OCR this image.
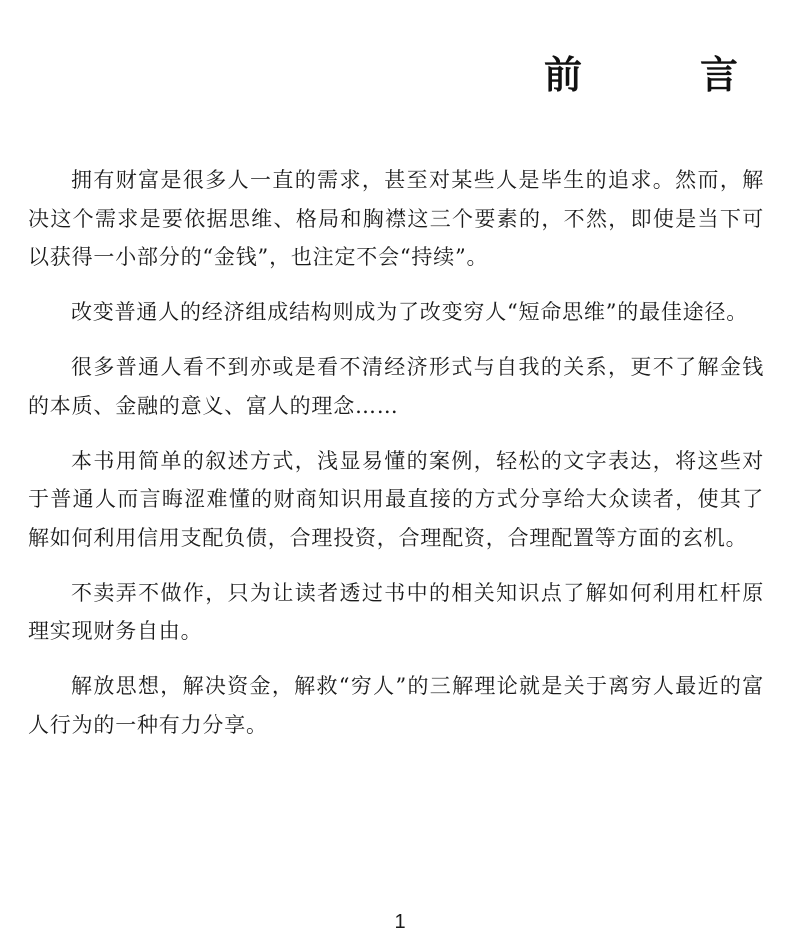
前　言

拥有财富是很多人一直的需求，甚至对某些人是毕生的追求。然而，解决这个需求是要依据思维、格局和胸襟这三个要素的，不然，即使是当下可以获得一小部分的“金钱”，也注定不会“持续”。

改变普通人的经济组成结构则成为了改变穷人“短命思维”的最佳途径。

很多普通人看不到亦或是看不清经济形式与自我的关系，更不了解金钱的本质、金融的意义、富人的理念……

本书用简单的叙述方式，浅显易懂的案例，轻松的文字表达，将这些对于普通人而言晦涩难懂的财商知识用最直接的方式分享给大众读者，使其了解如何利用信用支配负债，合理投资，合理配资，合理配置等方面的玄机。

不卖弄不做作，只为让读者透过书中的相关知识点了解如何利用杠杆原理实现财务自由。

解放思想，解决资金，解救“穷人”的三解理论就是关于离穷人最近的富人行为的一种有力分享。

1
